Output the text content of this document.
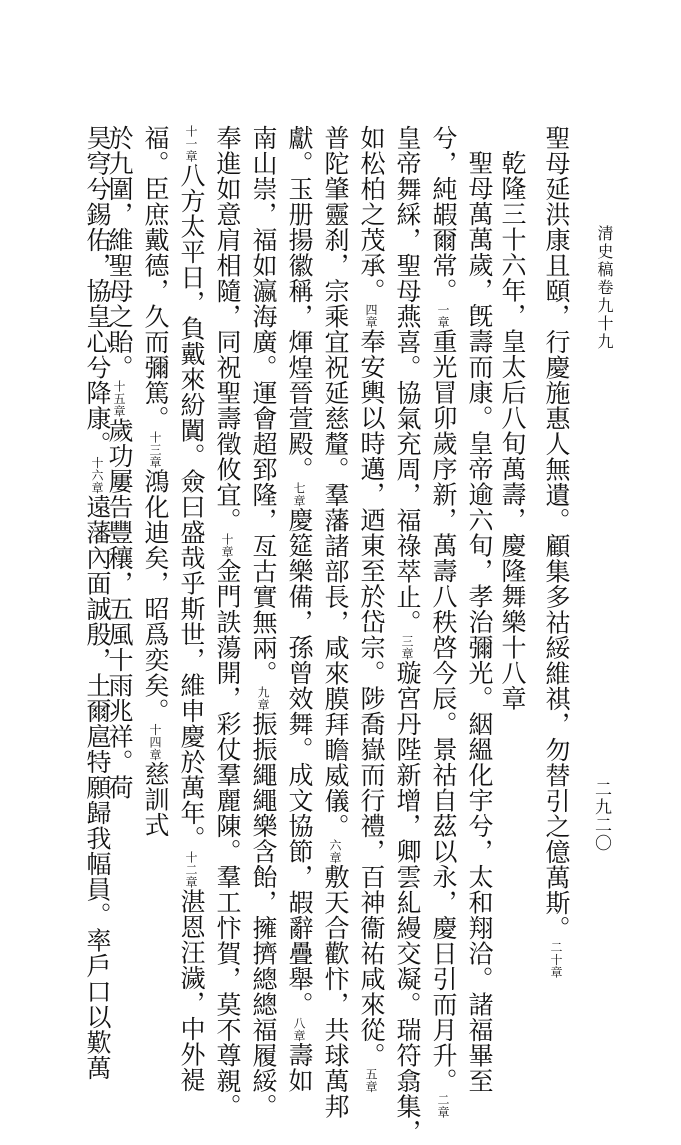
清史稿卷九十九
二九二〇
聖母延洪康且頤，行慶施惠人無遺。顧集多祜綏維祺，勿替引之億萬斯。二十章
昊穹兮錫佑，協皇心兮降康。十六章遠藩內面誠殷，土爾扈特願歸我幅員。率戶口以歎萬
乾隆三十六年，皇太后八旬萬壽，慶隆舞樂十八章
聖母萬萬歲，旣壽而康。皇帝逾六旬，孝治彌光。絪縕化宇兮，太和翔洽。諸福畢至
兮，純嘏爾常。一章重光冒卯歲序新，萬壽八秩啓今辰。景祜自茲以永，慶日引而月升。二章
皇帝舞綵，聖母燕喜。協氣充周，福祿萃止。三章璇宮丹陛新增，卿雲糺縵交凝。瑞符翕集，
如松柏之茂承。四章奉安輿以時邁，迺東至於岱宗。陟喬嶽而行禮，百神衞祐咸來從。五章
普陀肇靈刹，宗乘宜祝延慈釐。羣藩諸部長，咸來膜拜瞻威儀。六章敷天合歡忭，共球萬邦
獻。玉册揚徽稱，煇煌晉萱殿。七章慶筵樂備，孫曾效舞。成文協節，嘏辭疊舉。八章壽如
南山崇，福如瀛海廣。運會超郅隆，亙古實無兩。九章振振繩繩樂含飴，擁擠總總福履綏。
奉進如意肩相隨，同祝聖壽徵攸宜。十章金門詄蕩開，彩仗羣麗陳。羣工忭賀，莫不尊親。
十一章八方太平日，負戴來紛闐。僉曰盛哉乎斯世，維申慶於萬年。十二章湛恩汪濊，中外褆
福。臣庶戴德，久而彌篤。十三章鴻化迪矣，昭爲奕矣。十四章慈訓式
於九圍，維聖母之貽。十五章歲功屢告豐穰，五風十雨兆祥。荷
